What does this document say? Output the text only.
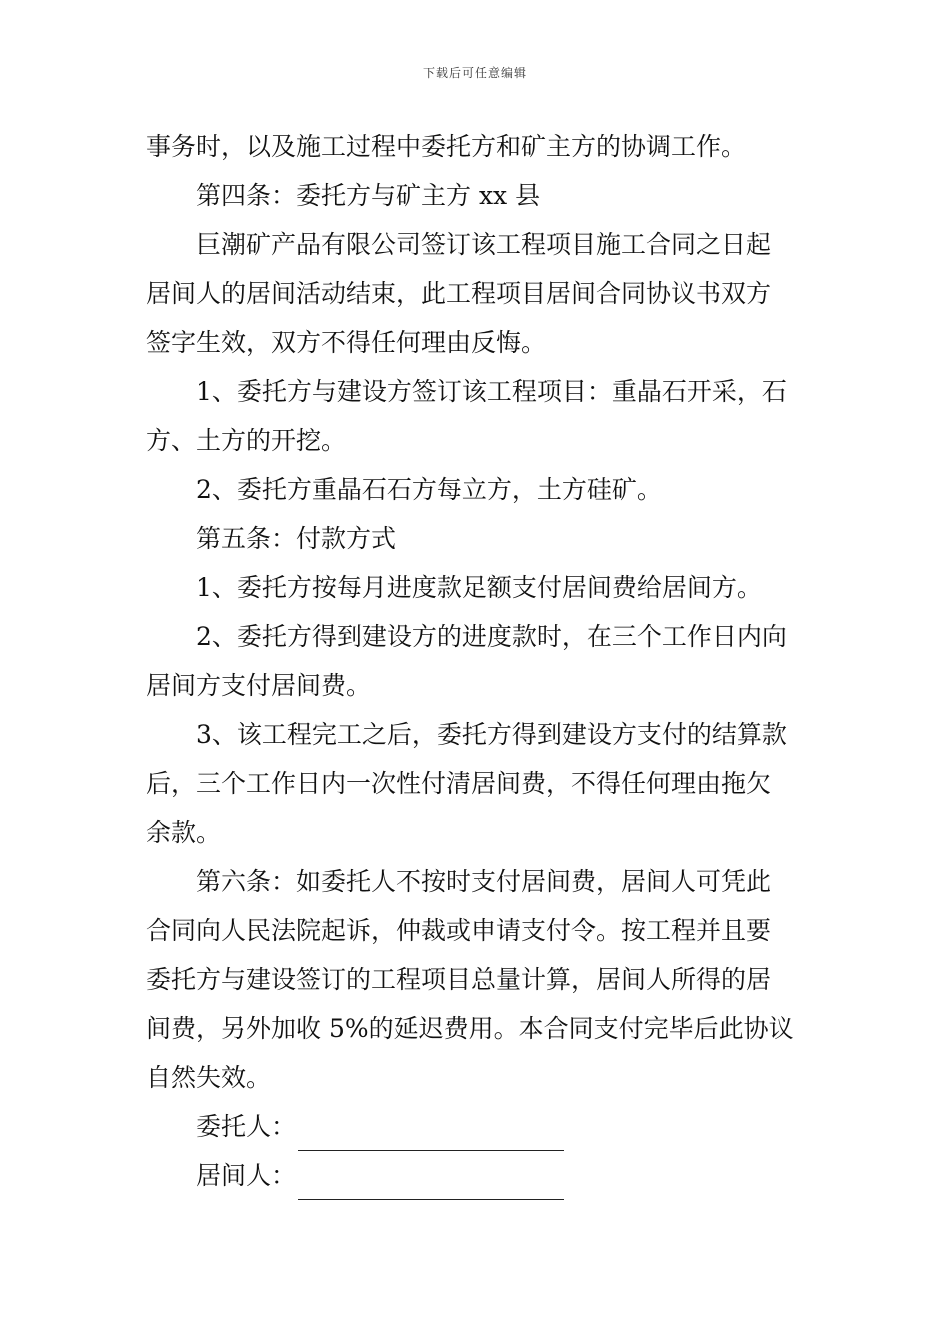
下载后可任意编辑

事务时，以及施工过程中委托方和矿主方的协调工作。

第四条：委托方与矿主方 xx 县

巨潮矿产品有限公司签订该工程项目施工合同之日起

居间人的居间活动结束，此工程项目居间合同协议书双方

签字生效，双方不得任何理由反悔。

1、委托方与建设方签订该工程项目：重晶石开采，石

方、土方的开挖。

2、委托方重晶石石方每立方，土方硅矿。

第五条：付款方式

1、委托方按每月进度款足额支付居间费给居间方。

2、委托方得到建设方的进度款时，在三个工作日内向

居间方支付居间费。

3、该工程完工之后，委托方得到建设方支付的结算款

后，三个工作日内一次性付清居间费，不得任何理由拖欠

余款。

第六条：如委托人不按时支付居间费，居间人可凭此

合同向人民法院起诉，仲裁或申请支付令。按工程并且要

委托方与建设签订的工程项目总量计算，居间人所得的居

间费，另外加收 5%的延迟费用。本合同支付完毕后此协议

自然失效。

委托人：
居间人：
